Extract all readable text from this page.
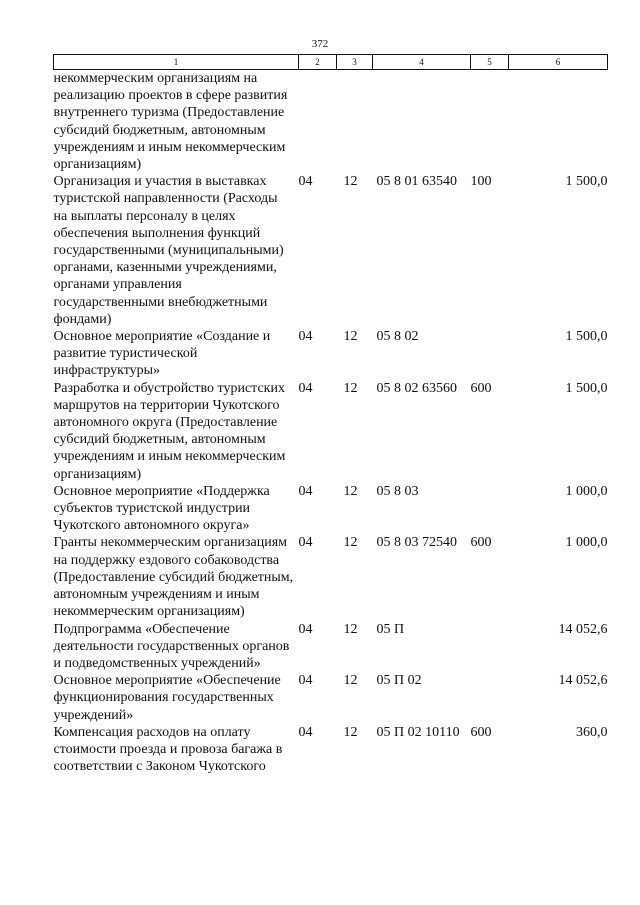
372
1	2	3	4	5	6
некоммерческим организациям на реализацию проектов в сфере развития внутреннего туризма (Предоставление субсидий бюджетным, автономным учреждениям и иным некоммерческим организациям)					
Организация и участия в выставках туристской направленности (Расходы на выплаты персоналу в целях обеспечения выполнения функций государственными (муниципальными) органами, казенными учреждениями, органами управления государственными внебюджетными фондами)	04	12	05 8 01 63540	100	1 500,0
Основное мероприятие «Создание и развитие туристической инфраструктуры»	04	12	05 8 02		1 500,0
Разработка и обустройство туристских маршрутов на территории Чукотского автономного округа (Предоставление субсидий бюджетным, автономным учреждениям и иным некоммерческим организациям)	04	12	05 8 02 63560	600	1 500,0
Основное мероприятие «Поддержка субъектов туристской индустрии Чукотского автономного округа»	04	12	05 8 03		1 000,0
Гранты некоммерческим организациям на поддержку ездового собаководства (Предоставление субсидий бюджетным, автономным учреждениям и иным некоммерческим организациям)	04	12	05 8 03 72540	600	1 000,0
Подпрограмма «Обеспечение деятельности государственных органов и подведомственных учреждений»	04	12	05 П		14 052,6
Основное мероприятие «Обеспечение функционирования государственных учреждений»	04	12	05 П 02		14 052,6
Компенсация расходов на оплату стоимости проезда и провоза багажа в соответствии с Законом Чукотского	04	12	05 П 02 10110	600	360,0
